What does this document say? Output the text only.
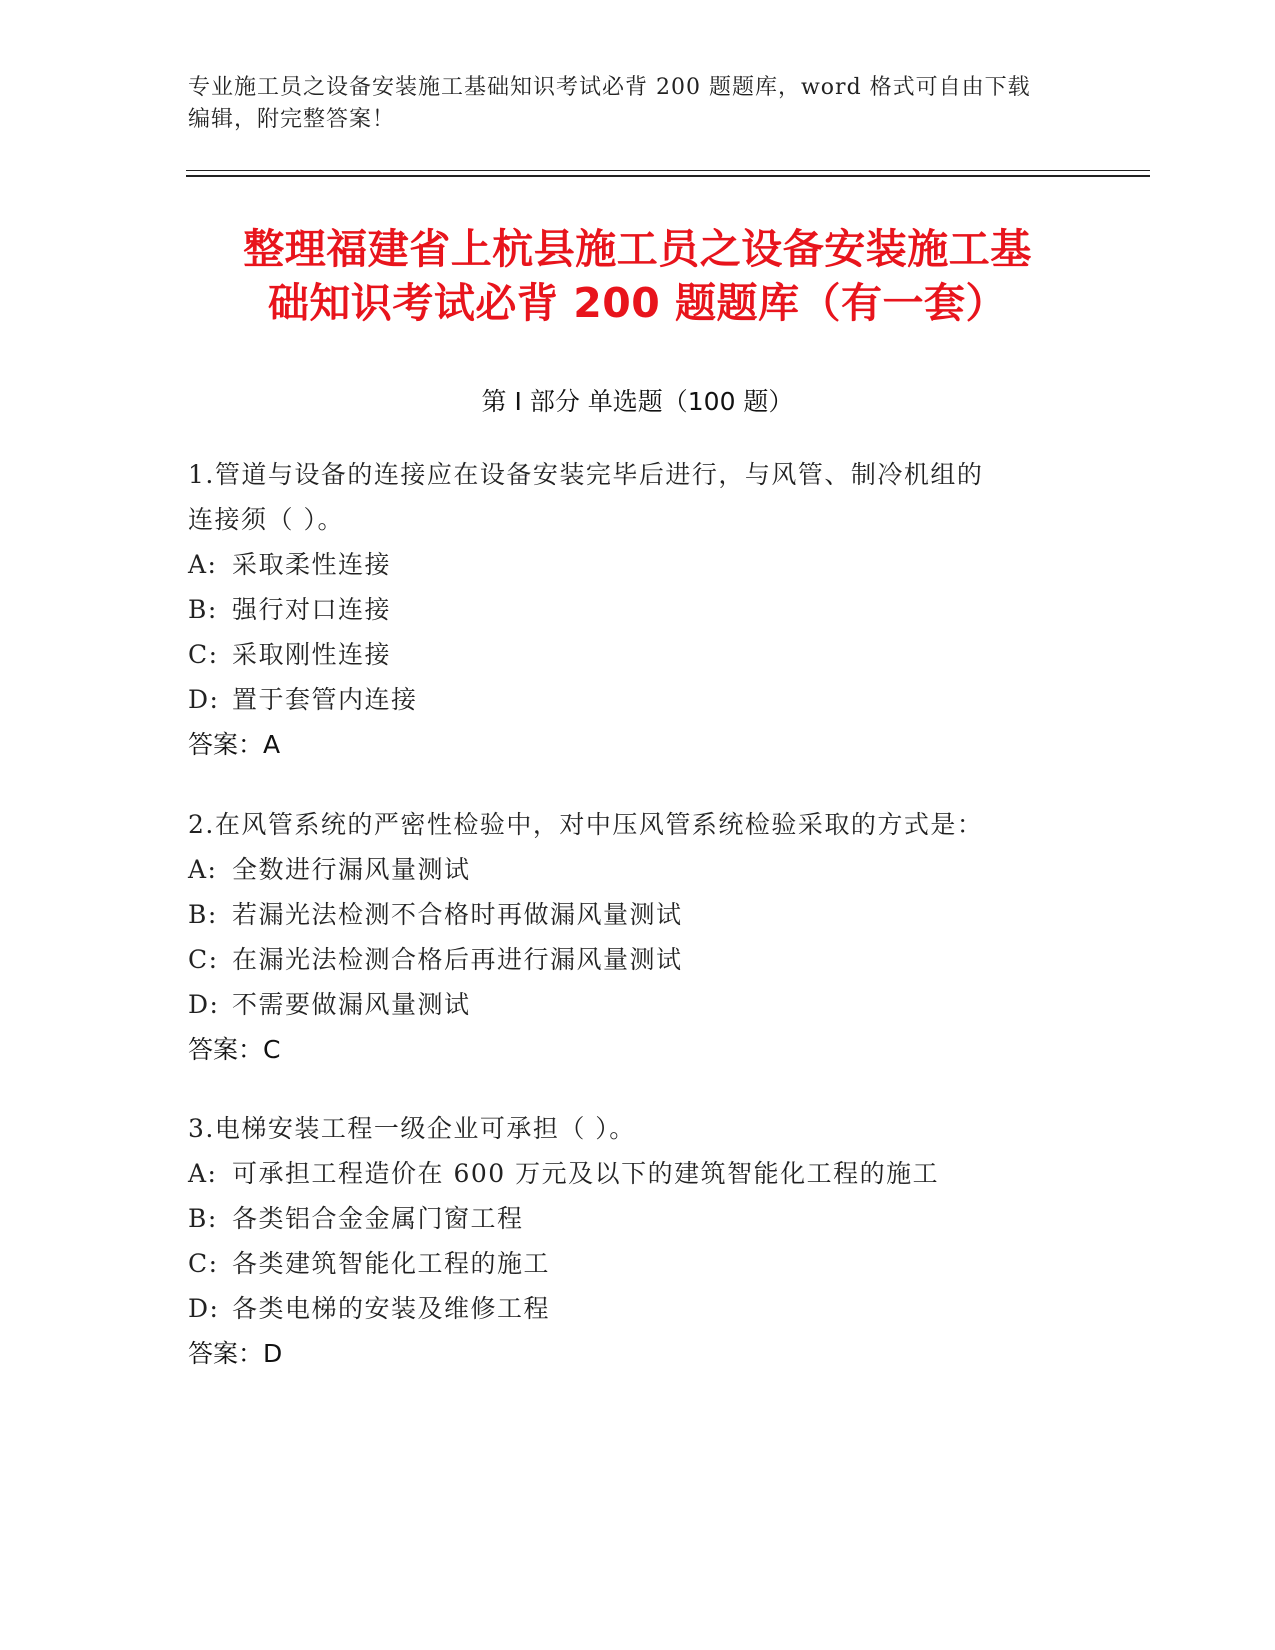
专业施工员之设备安装施工基础知识考试必背 200 题题库，word 格式可自由下载
编辑，附完整答案！
整理福建省上杭县施工员之设备安装施工基
础知识考试必背 200 题题库（有一套）
第 I 部分 单选题（100 题）
1.管道与设备的连接应在设备安装完毕后进行，与风管、制冷机组的
连接须（ ）。
A: 采取柔性连接
B: 强行对口连接
C: 采取刚性连接
D: 置于套管内连接
答案：A
2.在风管系统的严密性检验中，对中压风管系统检验采取的方式是：
A: 全数进行漏风量测试
B: 若漏光法检测不合格时再做漏风量测试
C: 在漏光法检测合格后再进行漏风量测试
D: 不需要做漏风量测试
答案：C
3.电梯安装工程一级企业可承担（ ）。
A: 可承担工程造价在 600 万元及以下的建筑智能化工程的施工
B: 各类铝合金金属门窗工程
C: 各类建筑智能化工程的施工
D: 各类电梯的安装及维修工程
答案：D
